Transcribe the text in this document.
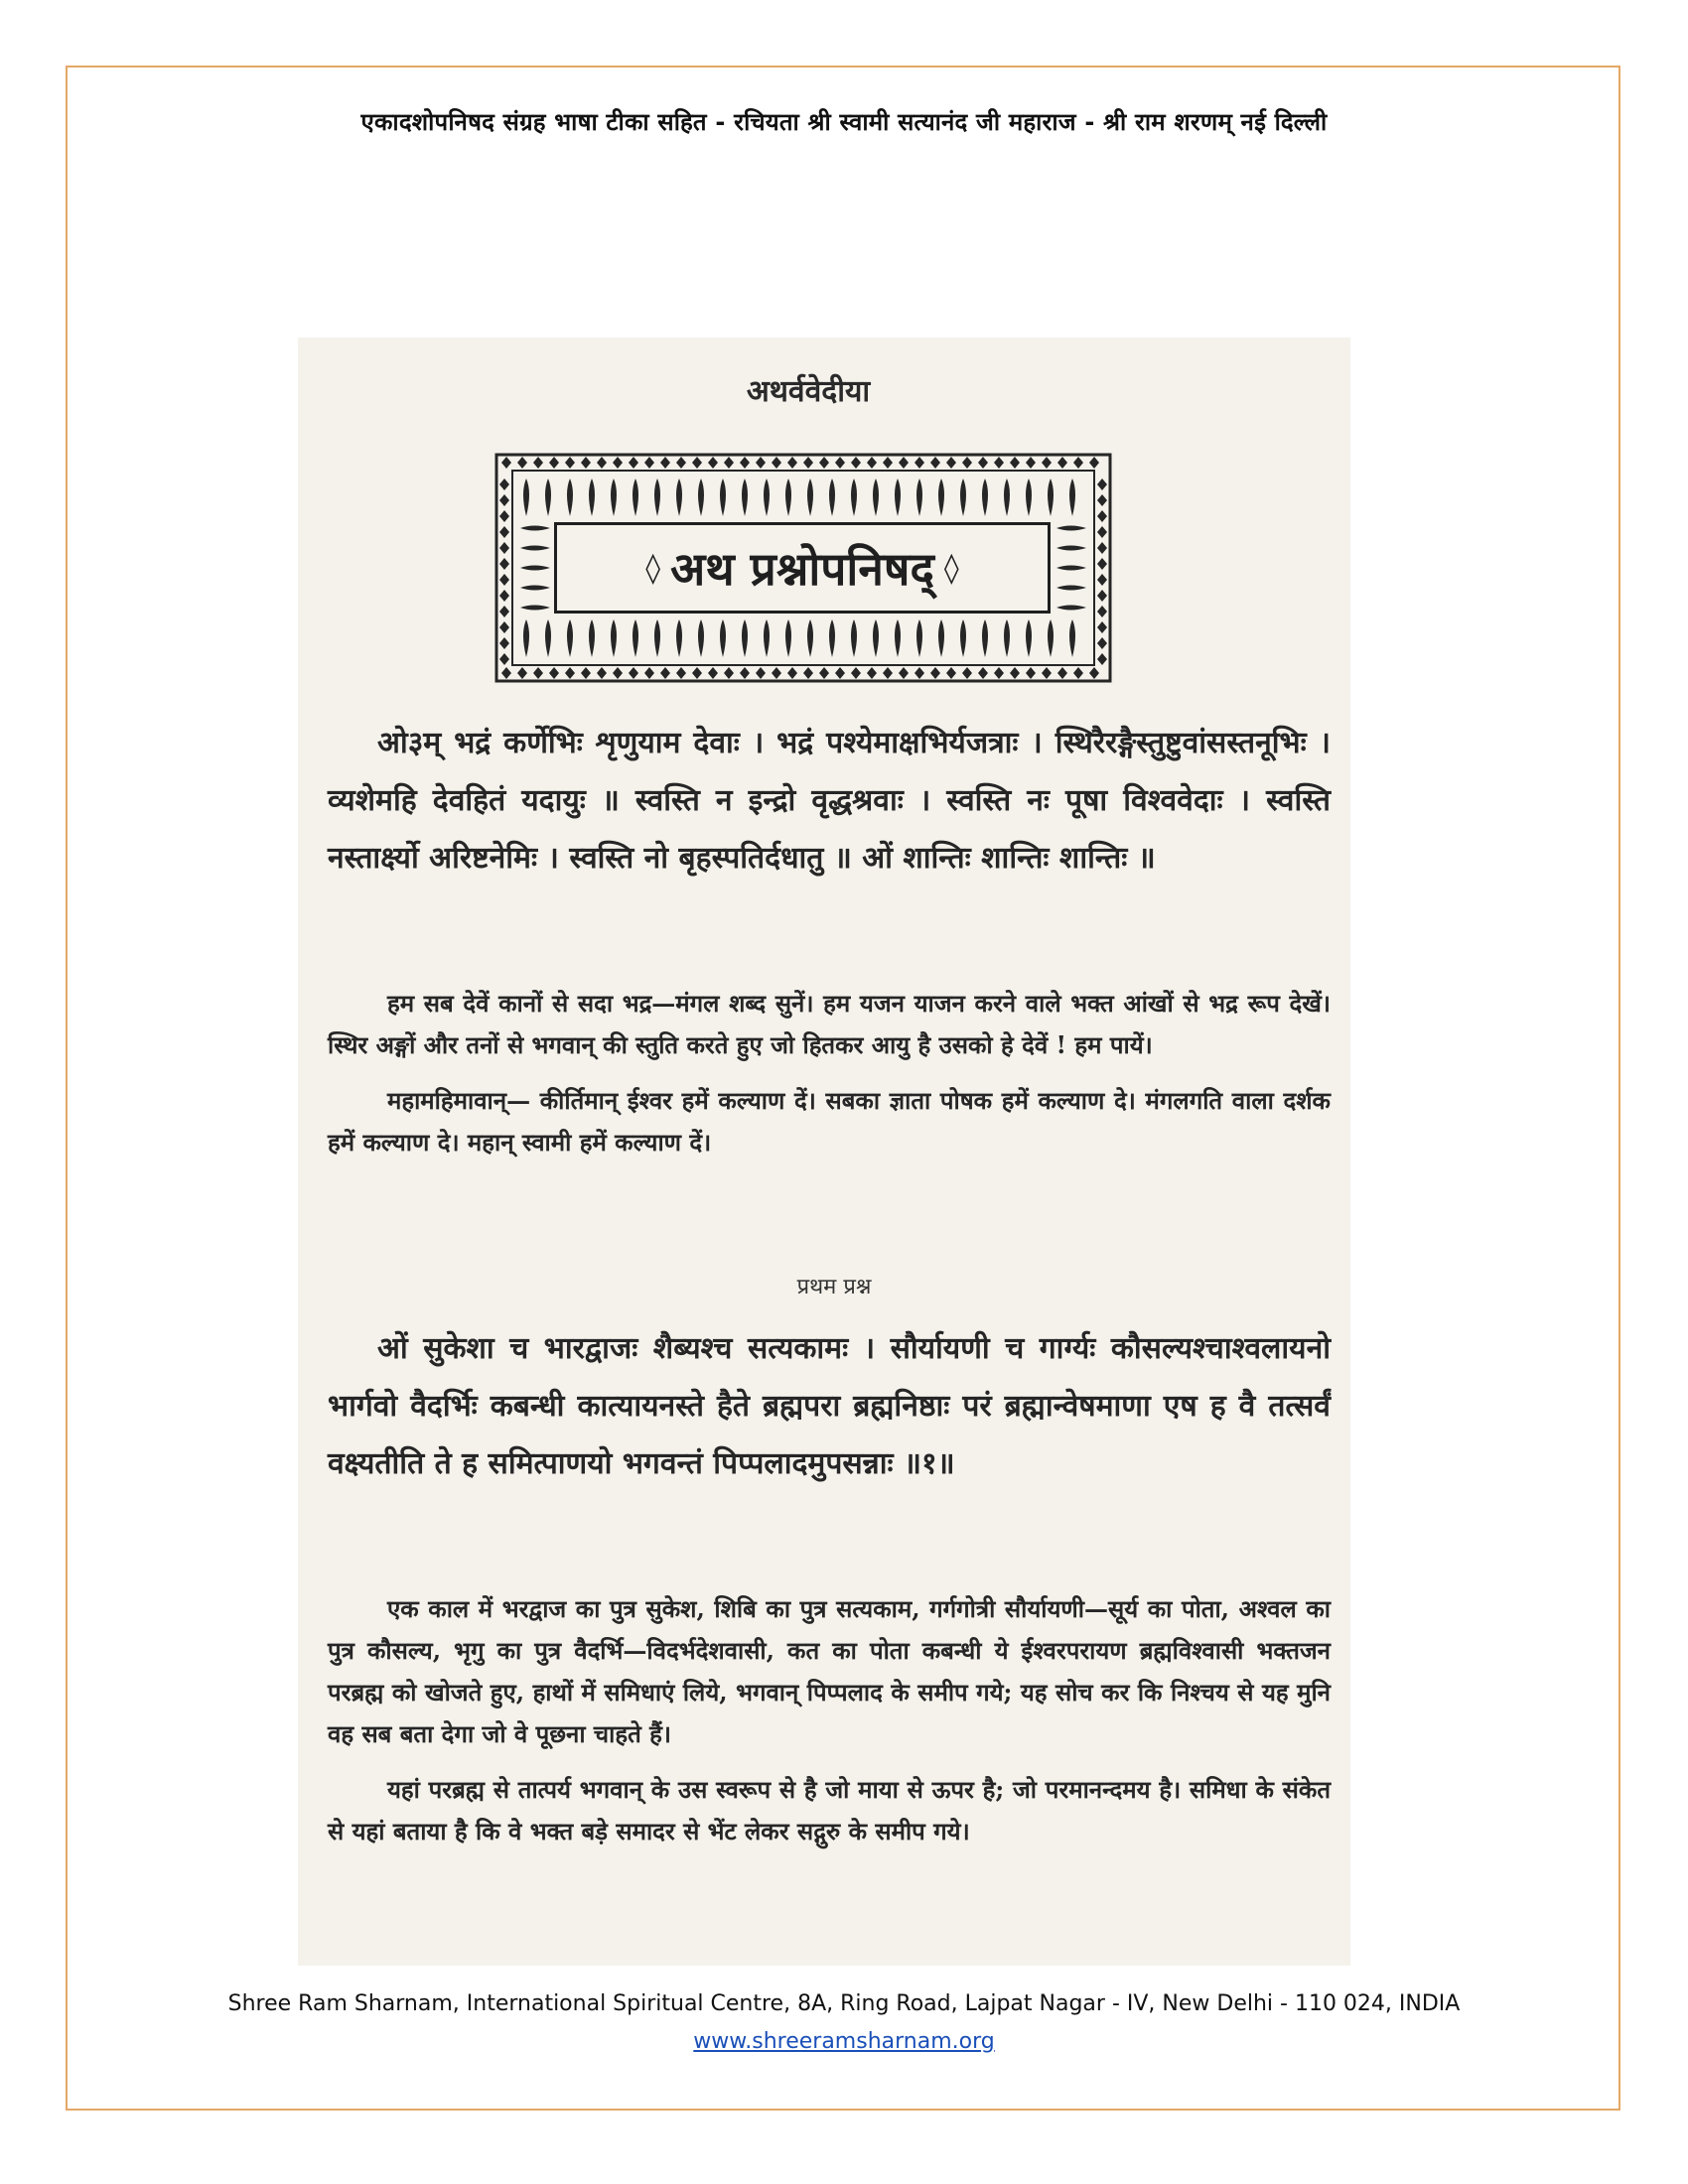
एकादशोपनिषद संग्रह भाषा टीका सहित - रचियता श्री स्वामी सत्यानंद जी महाराज - श्री राम शरणम् नई दिल्ली
अथर्ववेदीया
◊ अथ प्रश्नोपनिषद् ◊

ओ३म् भद्रं कर्णेभिः शृणुयाम देवाः । भद्रं पश्येमाक्षभिर्यजत्राः । स्थिरैरङ्गैस्तुष्टुवांसस्तनूभिः । व्यशेमहि देवहितं यदायुः ॥ स्वस्ति न इन्द्रो वृद्धश्रवाः । स्वस्ति नः पूषा विश्ववेदाः । स्वस्ति नस्तार्क्ष्यो अरिष्टनेमिः । स्वस्ति नो बृहस्पतिर्दधातु ॥ ओं शान्तिः शान्तिः शान्तिः ॥

हम सब देवें कानों से सदा भद्र—मंगल शब्द सुनें। हम यजन याजन करने वाले भक्त आंखों से भद्र रूप देखें। स्थिर अङ्गों और तनों से भगवान् की स्तुति करते हुए जो हितकर आयु है उसको हे देवें ! हम पायें।

महामहिमावान्— कीर्तिमान् ईश्वर हमें कल्याण दें। सबका ज्ञाता पोषक हमें कल्याण दे। मंगलगति वाला दर्शक हमें कल्याण दे। महान् स्वामी हमें कल्याण दें।

प्रथम प्रश्न

ओं सुकेशा च भारद्वाजः शैब्यश्च सत्यकामः । सौर्यायणी च गार्ग्यः कौसल्यश्चाश्वलायनो भार्गवो वैदर्भिः कबन्धी कात्यायनस्ते हैते ब्रह्मपरा ब्रह्मनिष्ठाः परं ब्रह्मान्वेषमाणा एष ह वै तत्सर्वं वक्ष्यतीति ते ह समित्पाणयो भगवन्तं पिप्पलादमुपसन्नाः ॥१॥

एक काल में भरद्वाज का पुत्र सुकेश, शिबि का पुत्र सत्यकाम, गर्गगोत्री सौर्यायणी—सूर्य का पोता, अश्वल का पुत्र कौसल्य, भृगु का पुत्र वैदर्भि—विदर्भदेशवासी, कत का पोता कबन्धी ये ईश्वरपरायण ब्रह्मविश्वासी भक्तजन परब्रह्म को खोजते हुए, हाथों में समिधाएं लिये, भगवान् पिप्पलाद के समीप गये; यह सोच कर कि निश्चय से यह मुनि वह सब बता देगा जो वे पूछना चाहते हैं।

यहां परब्रह्म से तात्पर्य भगवान् के उस स्वरूप से है जो माया से ऊपर है; जो परमानन्दमय है। समिधा के संकेत से यहां बताया है कि वे भक्त बड़े समादर से भेंट लेकर सद्गुरु के समीप गये।

Shree Ram Sharnam, International Spiritual Centre, 8A, Ring Road, Lajpat Nagar - IV, New Delhi - 110 024, INDIA
www.shreeramsharnam.org
